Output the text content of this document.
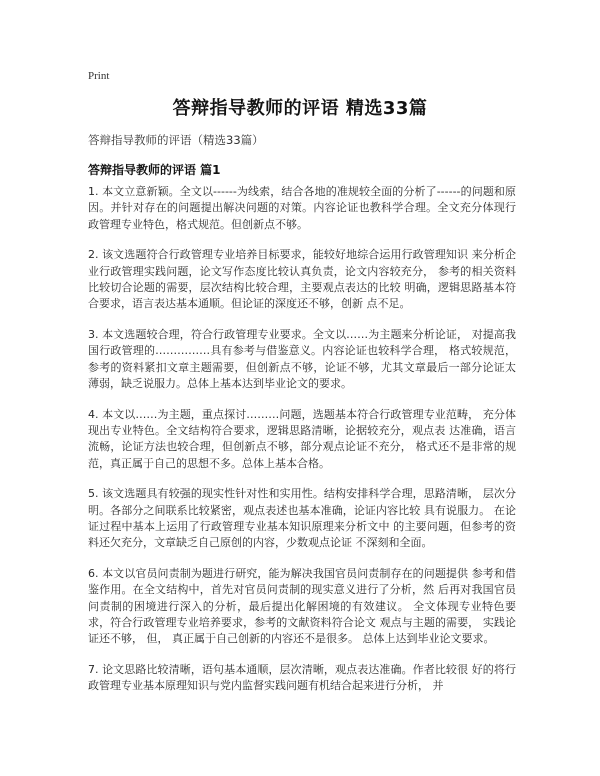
Print
答辩指导教师的评语 精选33篇
答辩指导教师的评语（精选33篇）
答辩指导教师的评语 篇1

1. 本文立意新颖。全文以------为线索，结合各地的准规较全面的分析了------的问题和原因。并针对存在的问题提出解决问题的对策。内容论证也教科学合理。全文充分体现行政管理专业特色，格式规范。但创新点不够。

2. 该文选题符合行政管理专业培养目标要求，能较好地综合运用行政管理知识 来分析企业行政管理实践问题，论文写作态度比较认真负责，论文内容较充分， 参考的相关资料比较切合论题的需要，层次结构比较合理，主要观点表达的比较 明确，逻辑思路基本符合要求，语言表达基本通顺。但论证的深度还不够，创新 点不足。

3. 本文选题较合理，符合行政管理专业要求。全文以……为主题来分析论证， 对提高我国行政管理的……………具有参考与借鉴意义。内容论证也较科学合理， 格式较规范，参考的资料紧扣文章主题需要，但创新点不够，论证不够，尤其文章最后一部分论证太薄弱，缺乏说服力。总体上基本达到毕业论文的要求。

4. 本文以……为主题，重点探讨………问题，选题基本符合行政管理专业范畴， 充分体现出专业特色。全文结构符合要求，逻辑思路清晰，论据较充分，观点表 达准确，语言流畅，论证方法也较合理，但创新点不够，部分观点论证不充分， 格式还不是非常的规范，真正属于自己的思想不多。总体上基本合格。

5. 该文选题具有较强的现实性针对性和实用性。结构安排科学合理，思路清晰， 层次分明。各部分之间联系比较紧密，观点表述也基本准确，论证内容比较 具有说服力。 在论证过程中基本上运用了行政管理专业基本知识原理来分析文中 的主要问题，但参考的资料还欠充分，文章缺乏自己原创的内容，少数观点论证 不深刻和全面。

6. 本文以官员问责制为题进行研究，能为解决我国官员问责制存在的问题提供 参考和借鉴作用。在全文结构中，首先对官员问责制的现实意义进行了分析，然 后再对我国官员问责制的困境进行深入的分析，最后提出化解困境的有效建议。 全文体现专业特色要求，符合行政管理专业培养要求，参考的文献资料符合论文 观点与主题的需要， 实践论证还不够， 但， 真正属于自己创新的内容还不是很多。 总体上达到毕业论文要求。

7. 论文思路比较清晰，语句基本通顺，层次清晰，观点表达准确。作者比较很 好的将行政管理专业基本原理知识与党内监督实践问题有机结合起来进行分析， 并
